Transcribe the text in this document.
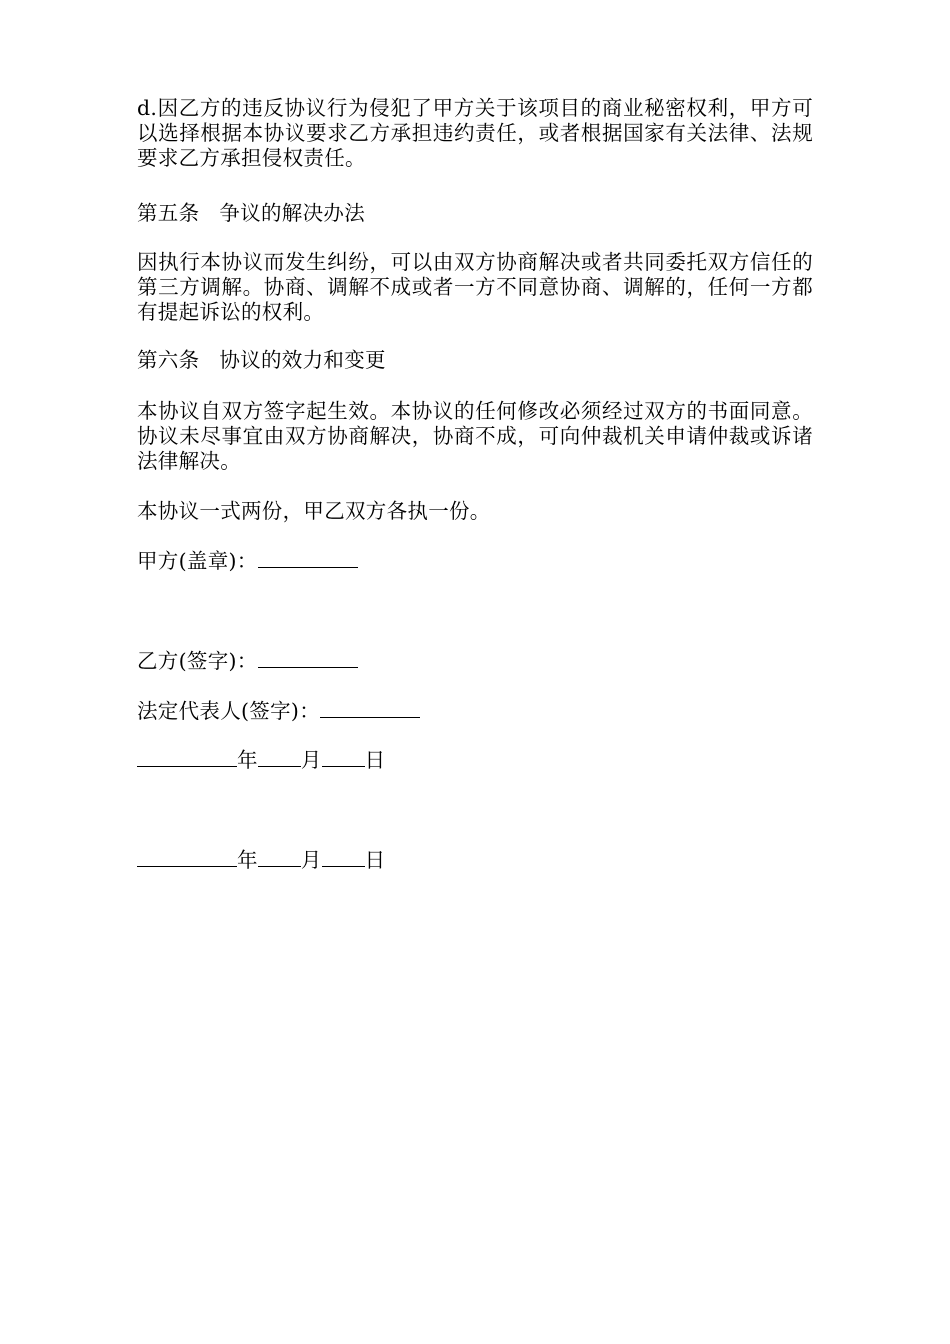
d.因乙方的违反协议行为侵犯了甲方关于该项目的商业秘密权利，甲方可以选择根据本协议要求乙方承担违约责任，或者根据国家有关法律、法规要求乙方承担侵权责任。

第五条 争议的解决办法

因执行本协议而发生纠纷，可以由双方协商解决或者共同委托双方信任的第三方调解。协商、调解不成或者一方不同意协商、调解的，任何一方都有提起诉讼的权利。

第六条 协议的效力和变更

本协议自双方签字起生效。本协议的任何修改必须经过双方的书面同意。协议未尽事宜由双方协商解决，协商不成，可向仲裁机关申请仲裁或诉诸法律解决。

本协议一式两份，甲乙双方各执一份。
甲方(盖章)：
乙方(签字)：
法定代表人(签字)：
年 月 日
年 月 日
